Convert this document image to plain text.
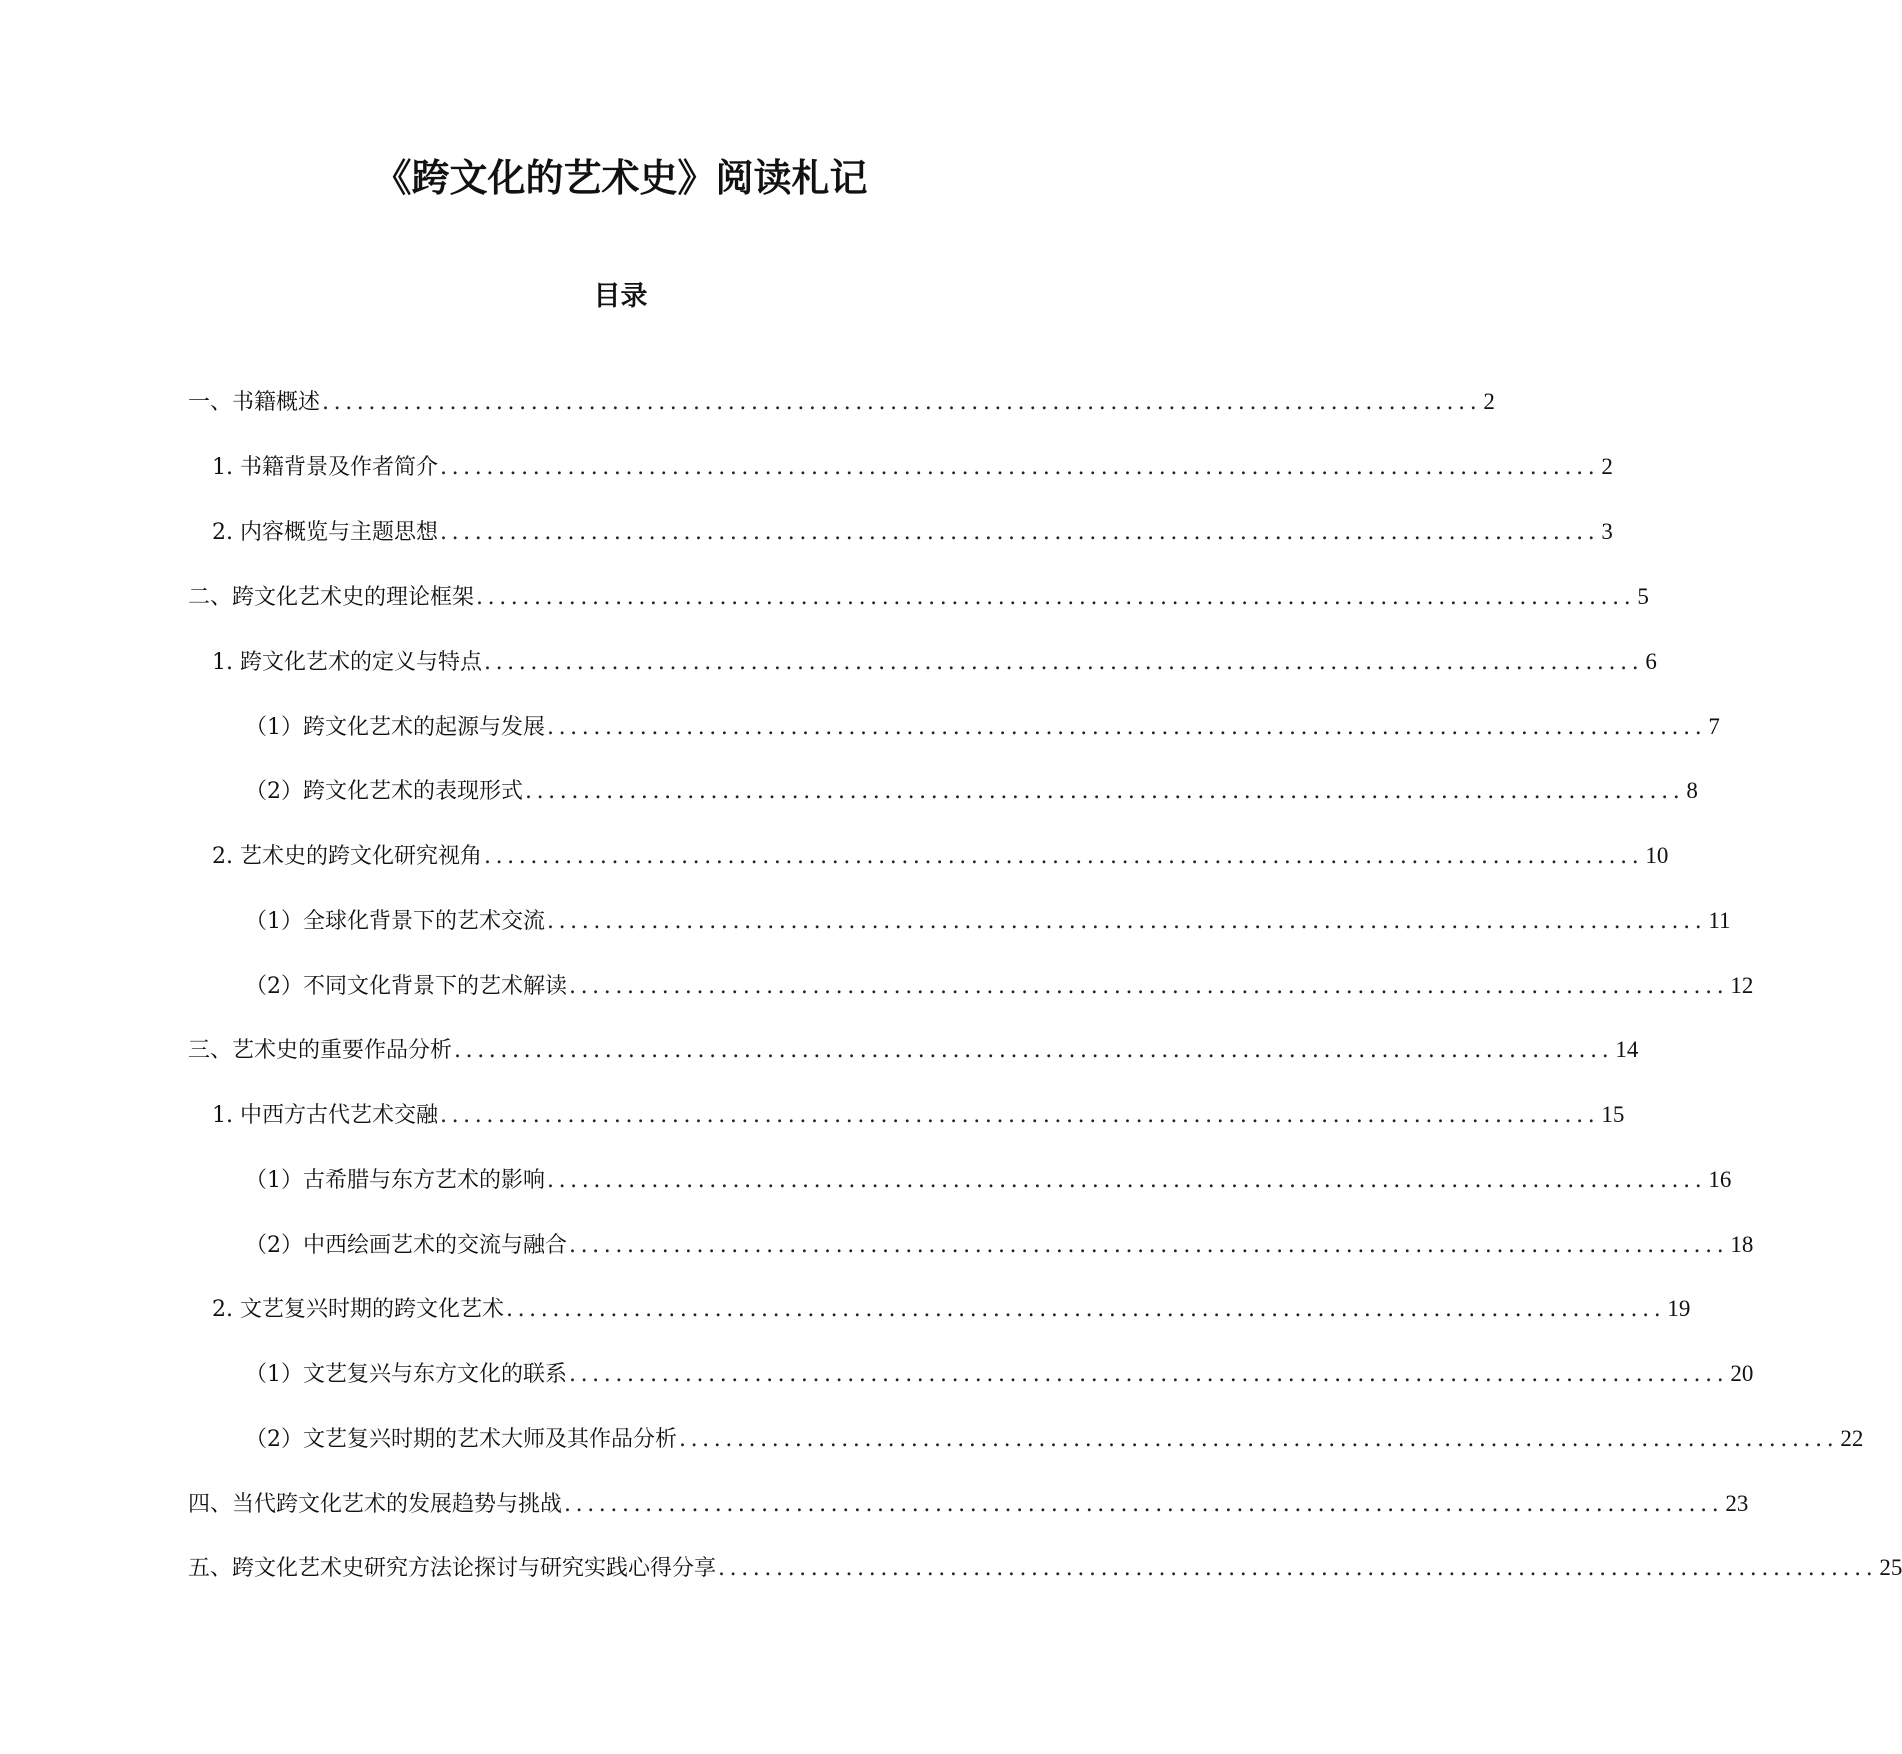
《跨文化的艺术史》阅读札记
目录
一、书籍概述 .................................................................................................... 2
1. 书籍背景及作者简介 .................................................................................................... 2
2. 内容概览与主题思想 .................................................................................................... 3
二、跨文化艺术史的理论框架 .................................................................................................... 5
1. 跨文化艺术的定义与特点 .................................................................................................... 6
（1）跨文化艺术的起源与发展 .................................................................................................... 7
（2）跨文化艺术的表现形式 .................................................................................................... 8
2. 艺术史的跨文化研究视角 .................................................................................................... 10
（1）全球化背景下的艺术交流 .................................................................................................... 11
（2）不同文化背景下的艺术解读 .................................................................................................... 12
三、艺术史的重要作品分析 .................................................................................................... 14
1. 中西方古代艺术交融 .................................................................................................... 15
（1）古希腊与东方艺术的影响 .................................................................................................... 16
（2）中西绘画艺术的交流与融合 .................................................................................................... 18
2. 文艺复兴时期的跨文化艺术 .................................................................................................... 19
（1）文艺复兴与东方文化的联系 .................................................................................................... 20
（2）文艺复兴时期的艺术大师及其作品分析 .................................................................................................... 22
四、当代跨文化艺术的发展趋势与挑战 .................................................................................................... 23
五、跨文化艺术史研究方法论探讨与研究实践心得分享 .................................................................................................... 25
